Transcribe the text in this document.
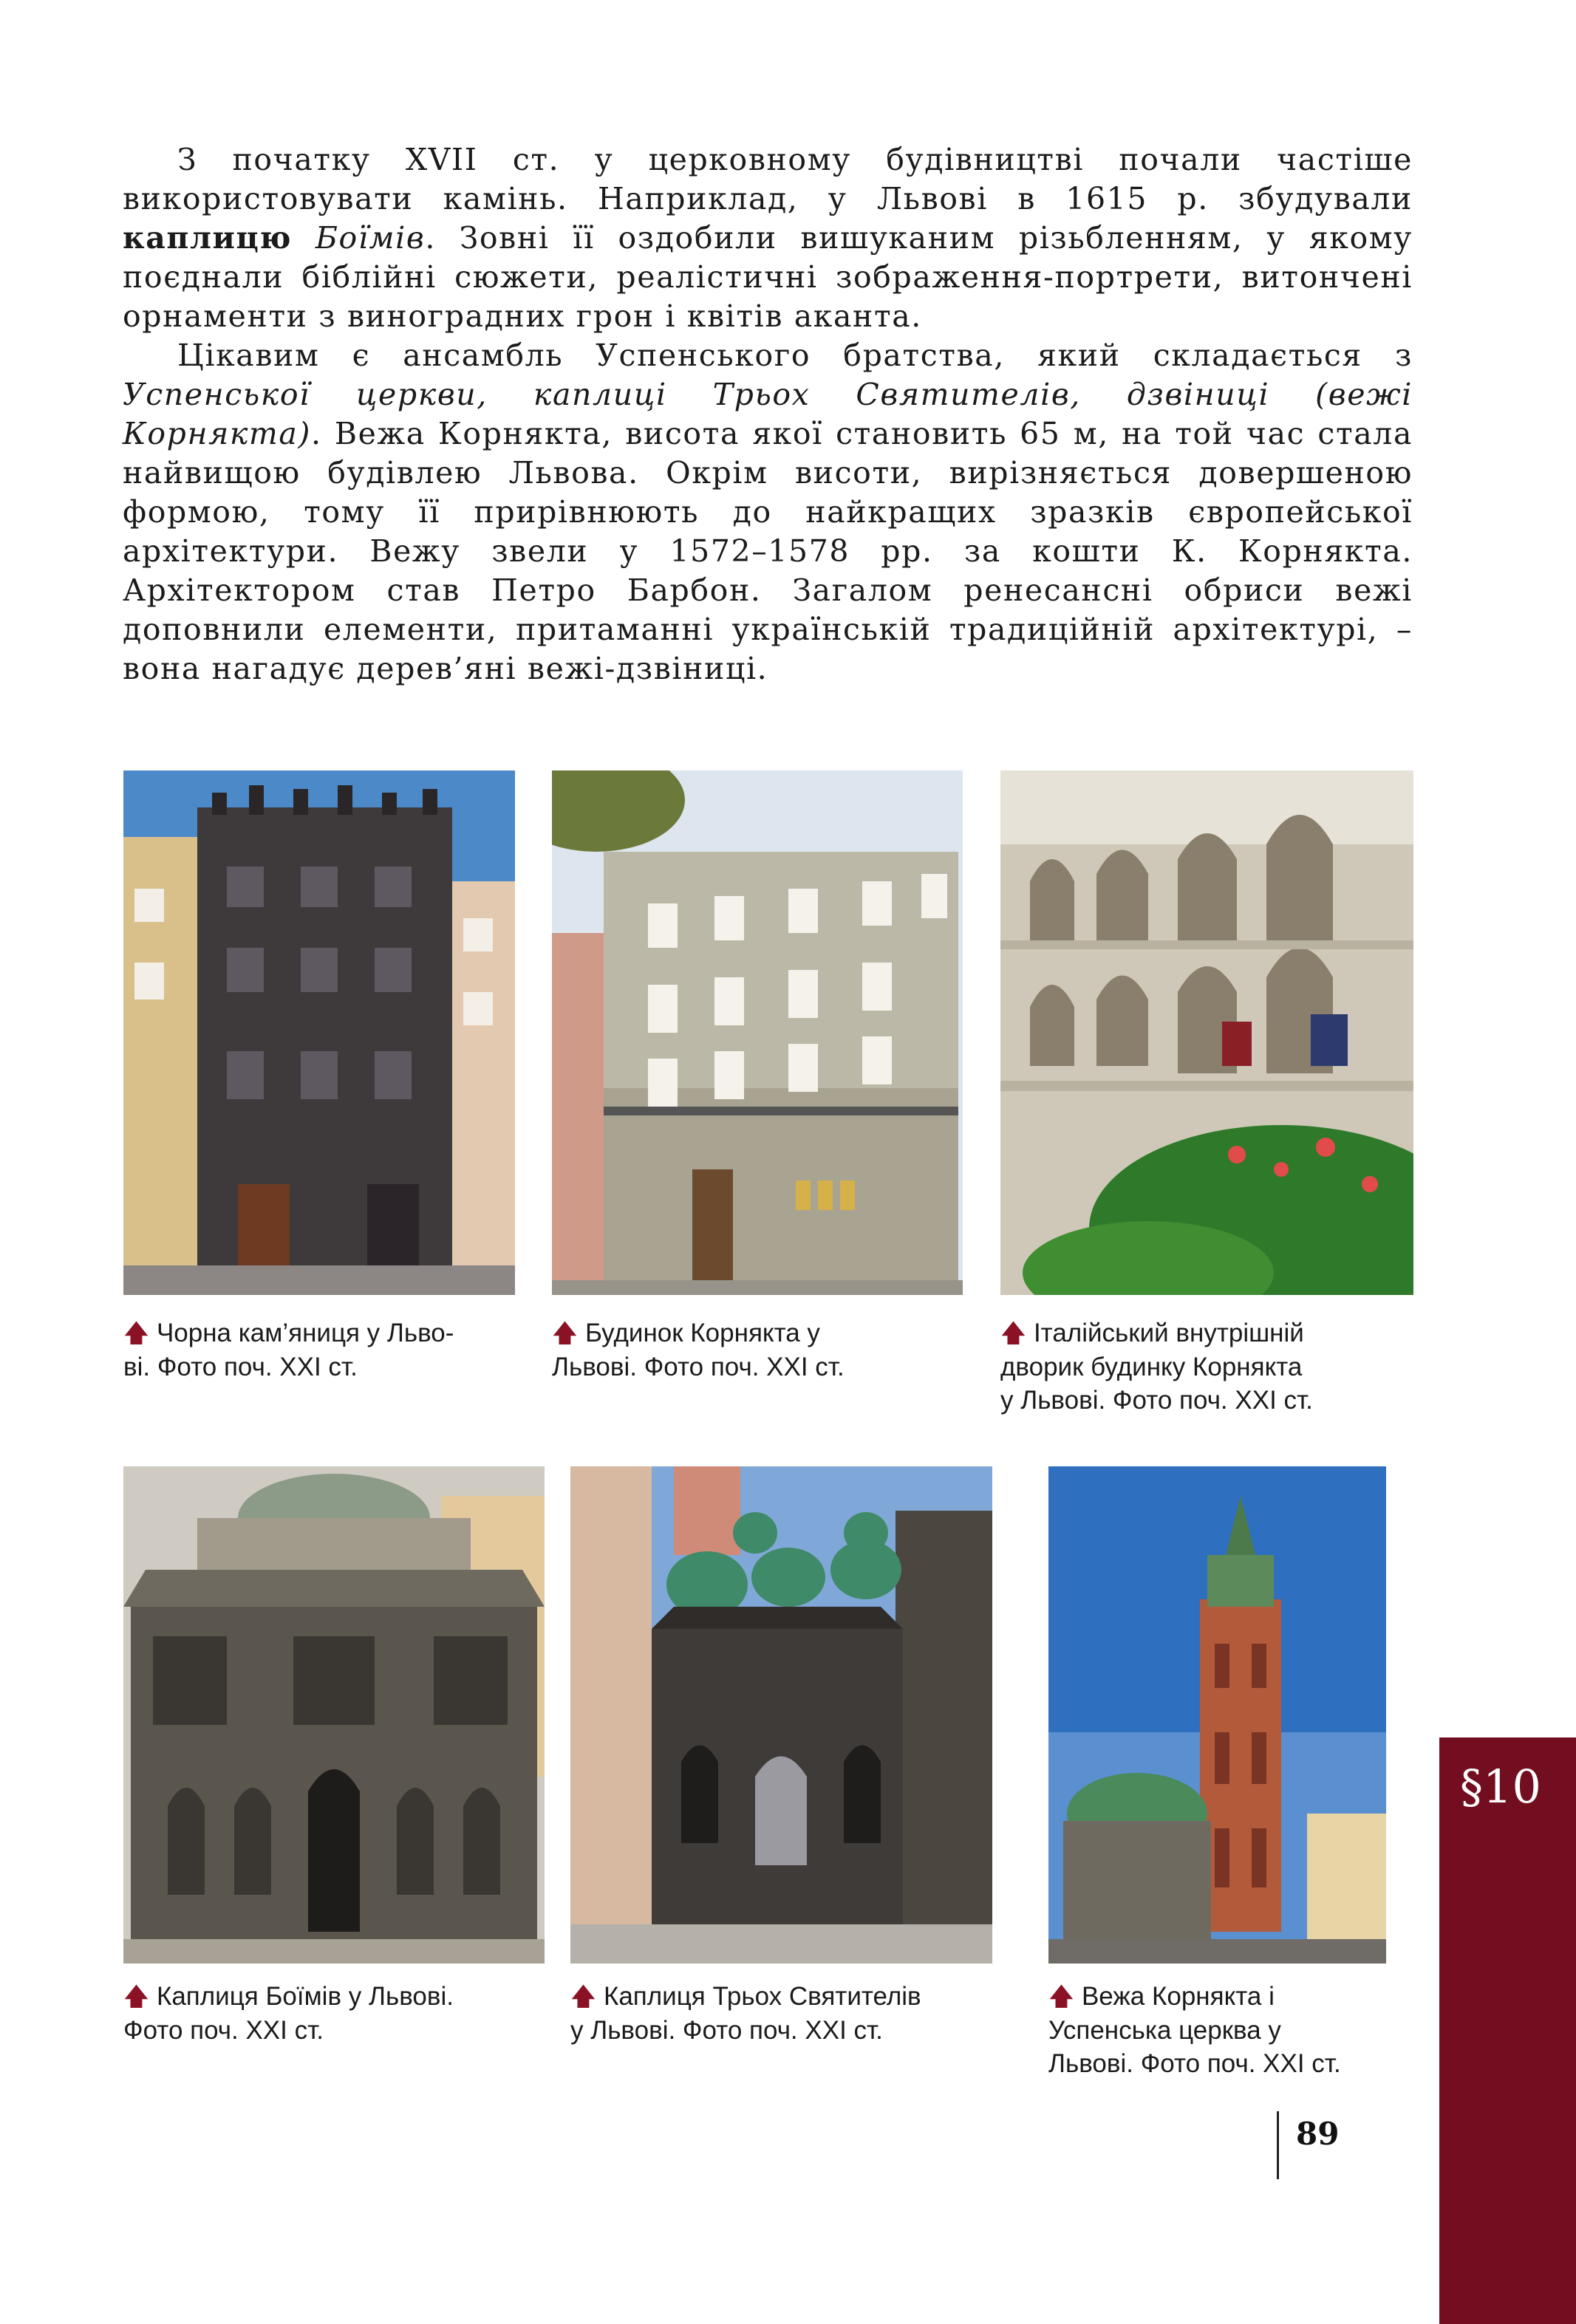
З початку XVII ст. у церковному будівництві почали частіше використовувати камінь. Наприклад, у Львові в 1615 р. збудували каплицю Боїмів. Зовні її оздобили вишуканим різьбленням, у якому поєднали біблійні сюжети, реалістичні зображення-портрети, витончені орнаменти з виноградних грон і квітів аканта.

Цікавим є ансамбль Успенського братства, який складається з Успенської церкви, каплиці Трьох Святителів, дзвіниці (вежі Корнякта). Вежа Корнякта, висота якої становить 65 м, на той час стала найвищою будівлею Львова. Окрім висоти, вирізняється довершеною формою, тому її прирівнюють до найкращих зразків європейської архітектури. Вежу звели у 1572–1578 рр. за кошти К. Корнякта. Архітектором став Петро Барбон. Загалом ренесансні обриси вежі доповнили елементи, притаманні українській традиційній архітектурі, – вона нагадує дерев’яні вежі-дзвіниці.

🡅 Чорна кам’яниця у Льво-
ві. Фото поч. XXI ст.

🡅 Будинок Корнякта у
Львові. Фото поч. XXI ст.

🡅 Італійський внутрішній
дворик будинку Корнякта
у Львові. Фото поч. XXI ст.

🡅 Каплиця Боїмів у Львові.
Фото поч. XXI ст.

🡅 Каплиця Трьох Святителів
у Львові. Фото поч. XXI ст.

🡅 Вежа Корнякта і
Успенська церква у
Львові. Фото поч. XXI ст.

89
§10
